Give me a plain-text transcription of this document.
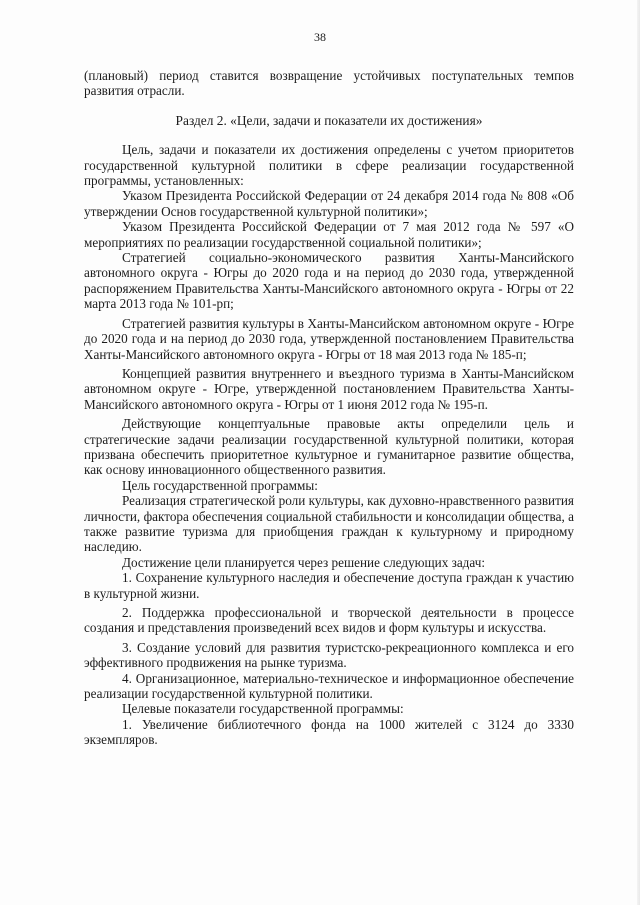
38

(плановый) период ставится возвращение устойчивых поступательных темпов развития отрасли.

Раздел 2. «Цели, задачи и показатели их достижения»

Цель, задачи и показатели их достижения определены с учетом приоритетов государственной культурной политики в сфере реализации государственной программы, установленных:

Указом Президента Российской Федерации от 24 декабря 2014 года № 808 «Об утверждении Основ государственной культурной политики»;

Указом Президента Российской Федерации от 7 мая 2012 года № 597 «О мероприятиях по реализации государственной социальной политики»;

Стратегией социально-экономического развития Ханты-Мансийского автономного округа - Югры до 2020 года и на период до 2030 года, утвержденной распоряжением Правительства Ханты-Мансийского автономного округа - Югры от 22 марта 2013 года № 101-рп;

Стратегией развития культуры в Ханты-Мансийском автономном округе - Югре до 2020 года и на период до 2030 года, утвержденной постановлением Правительства Ханты-Мансийского автономного округа - Югры от 18 мая 2013 года № 185-п;

Концепцией развития внутреннего и въездного туризма в Ханты-Мансийском автономном округе - Югре, утвержденной постановлением Правительства Ханты-Мансийского автономного округа - Югры от 1 июня 2012 года № 195-п.

Действующие концептуальные правовые акты определили цель и стратегические задачи реализации государственной культурной политики, которая призвана обеспечить приоритетное культурное и гуманитарное развитие общества, как основу инновационного общественного развития.

Цель государственной программы:

Реализация стратегической роли культуры, как духовно-нравственного развития личности, фактора обеспечения социальной стабильности и консолидации общества, а также развитие туризма для приобщения граждан к культурному и природному наследию.

Достижение цели планируется через решение следующих задач:

1. Сохранение культурного наследия и обеспечение доступа граждан к участию в культурной жизни.

2. Поддержка профессиональной и творческой деятельности в процессе создания и представления произведений всех видов и форм культуры и искусства.

3. Создание условий для развития туристско-рекреационного комплекса и его эффективного продвижения на рынке туризма.

4. Организационное, материально-техническое и информационное обеспечение реализации государственной культурной политики.

Целевые показатели государственной программы:

1. Увеличение библиотечного фонда на 1000 жителей с 3124 до 3330 экземпляров.
